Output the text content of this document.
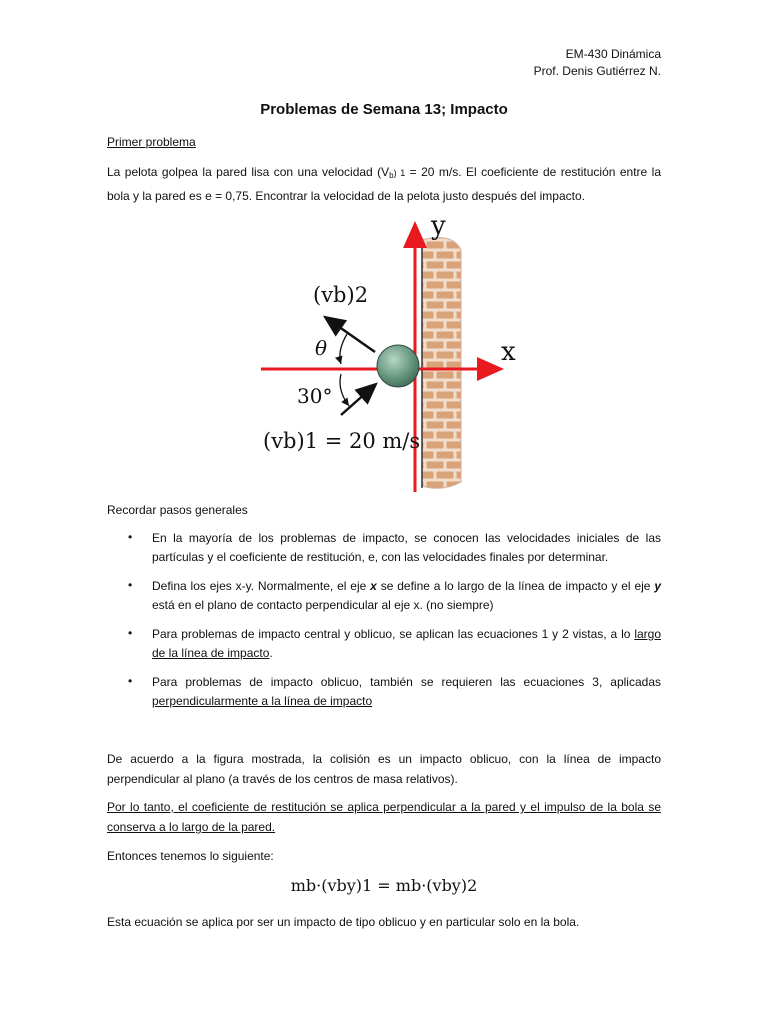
EM-430 Dinámica
Prof. Denis Gutiérrez N.
Problemas de Semana 13; Impacto
Primer problema
La pelota golpea la pared lisa con una velocidad (Vb) 1 = 20 m/s. El coeficiente de restitución entre la bola y la pared es e = 0,75. Encontrar la velocidad de la pelota justo después del impacto.
y
x
(vb)2
θ
30°
(vb)1 = 20 m/s
Recordar pasos generales
• En la mayoría de los problemas de impacto, se conocen las velocidades iniciales de las partículas y el coeficiente de restitución, e, con las velocidades finales por determinar.
• Defina los ejes x-y. Normalmente, el eje x se define a lo largo de la línea de impacto y el eje y está en el plano de contacto perpendicular al eje x. (no siempre)
• Para problemas de impacto central y oblicuo, se aplican las ecuaciones 1 y 2 vistas, a lo largo de la línea de impacto.
• Para problemas de impacto oblicuo, también se requieren las ecuaciones 3, aplicadas perpendicularmente a la línea de impacto
De acuerdo a la figura mostrada, la colisión es un impacto oblicuo, con la línea de impacto perpendicular al plano (a través de los centros de masa relativos).
Por lo tanto, el coeficiente de restitución se aplica perpendicular a la pared y el impulso de la bola se conserva a lo largo de la pared.
Entonces tenemos lo siguiente:
mb·(vby)1 = mb·(vby)2
Esta ecuación se aplica por ser un impacto de tipo oblicuo y en particular solo en la bola.
